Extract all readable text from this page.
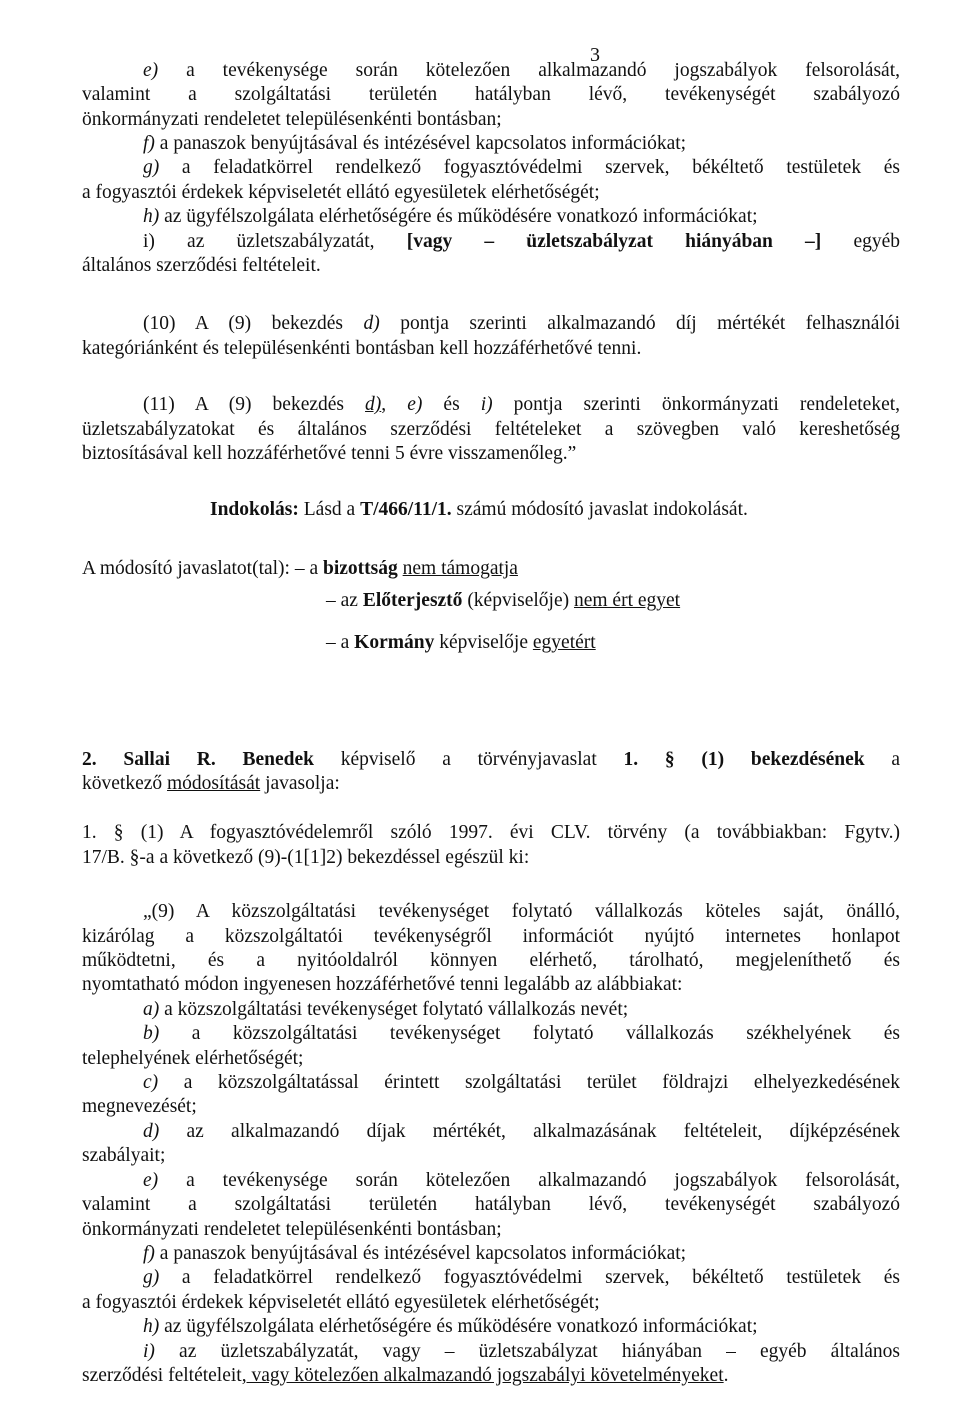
3
e) a tevékenysége során kötelezően alkalmazandó jogszabályok felsorolását,
valamint a szolgáltatási területén hatályban lévő, tevékenységét szabályozó
önkormányzati rendeletet településenkénti bontásban;
f) a panaszok benyújtásával és intézésével kapcsolatos információkat;
g) a feladatkörrel rendelkező fogyasztóvédelmi szervek, békéltető testületek és
a fogyasztói érdekek képviseletét ellátó egyesületek elérhetőségét;
h) az ügyfélszolgálata elérhetőségére és működésére vonatkozó információkat;
i) az üzletszabályzatát, [vagy – üzletszabályzat hiányában –] egyéb
általános szerződési feltételeit.
(10) A (9) bekezdés d) pontja szerinti alkalmazandó díj mértékét felhasználói
kategóriánként és településenkénti bontásban kell hozzáférhetővé tenni.
(11) A (9) bekezdés d), e) és i) pontja szerinti önkormányzati rendeleteket,
üzletszabályzatokat és általános szerződési feltételeket a szövegben való kereshetőség
biztosításával kell hozzáférhetővé tenni 5 évre visszamenőleg.”
Indokolás: Lásd a T/466/11/1. számú módosító javaslat indokolását.
A módosító javaslatot(tal): – a bizottság nem támogatja
– az Előterjesztő (képviselője) nem ért egyet
– a Kormány képviselője egyetért
2. Sallai R. Benedek képviselő a törvényjavaslat 1. § (1) bekezdésének a
következő módosítását javasolja:
1. § (1) A fogyasztóvédelemről szóló 1997. évi CLV. törvény (a továbbiakban: Fgytv.)
17/B. §-a a következő (9)-(1[1]2) bekezdéssel egészül ki:
„(9) A közszolgáltatási tevékenységet folytató vállalkozás köteles saját, önálló,
kizárólag a közszolgáltatói tevékenységről információt nyújtó internetes honlapot
működtetni, és a nyitóoldalról könnyen elérhető, tárolható, megjeleníthető és
nyomtatható módon ingyenesen hozzáférhetővé tenni legalább az alábbiakat:
a) a közszolgáltatási tevékenységet folytató vállalkozás nevét;
b) a közszolgáltatási tevékenységet folytató vállalkozás székhelyének és
telephelyének elérhetőségét;
c) a közszolgáltatással érintett szolgáltatási terület földrajzi elhelyezkedésének
megnevezését;
d) az alkalmazandó díjak mértékét, alkalmazásának feltételeit, díjképzésének
szabályait;
e) a tevékenysége során kötelezően alkalmazandó jogszabályok felsorolását,
valamint a szolgáltatási területén hatályban lévő, tevékenységét szabályozó
önkormányzati rendeletet településenkénti bontásban;
f) a panaszok benyújtásával és intézésével kapcsolatos információkat;
g) a feladatkörrel rendelkező fogyasztóvédelmi szervek, békéltető testületek és
a fogyasztói érdekek képviseletét ellátó egyesületek elérhetőségét;
h) az ügyfélszolgálata elérhetőségére és működésére vonatkozó információkat;
i) az üzletszabályzatát, vagy – üzletszabályzat hiányában – egyéb általános
szerződési feltételeit, vagy kötelezően alkalmazandó jogszabályi követelményeket.
